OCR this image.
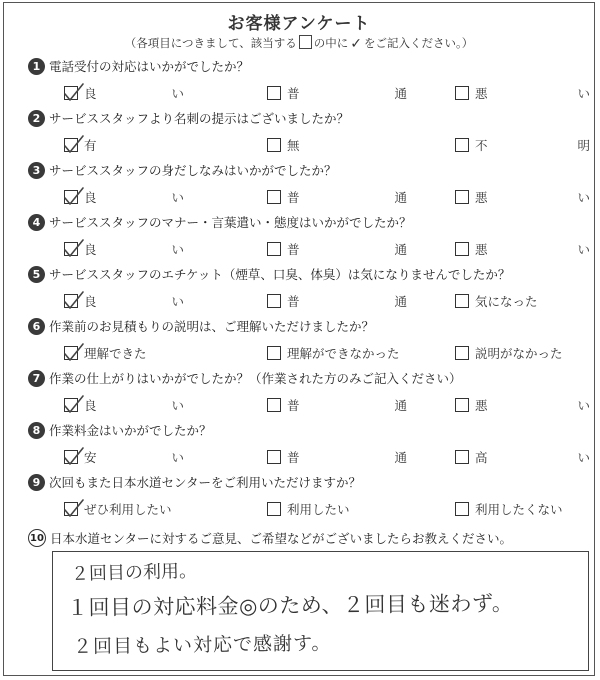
お客様アンケート
（各項目につきまして、該当する の中に ✓ をご記入ください。）
1 電話受付の対応はいかがでしたか？
良	い	普	通	悪	い
2 サービススタッフより名刺の提示はございましたか？
有	無	不	明
3 サービススタッフの身だしなみはいかがでしたか？
良	い	普	通	悪	い
4 サービススタッフのマナー・言葉遣い・態度はいかがでしたか？
良	い	普	通	悪	い
5 サービススタッフのエチケット（煙草、口臭、体臭）は気になりませんでしたか？
良	い	普	通	気になった
6 作業前のお見積もりの説明は、ご理解いただけましたか？
理解できた	理解ができなかった	説明がなかった
7 作業の仕上がりはいかがでしたか？（作業された方のみご記入ください）
良	い	普	通	悪	い
8 作業料金はいかがでしたか？
安	い	普	通	高	い
9 次回もまた日本水道センターをご利用いただけますか？
ぜひ利用したい	利用したい	利用したくない
10 日本水道センターに対するご意見、ご希望などがございましたらお教えください。
２回目の利用。
１回目の対応料金◎のため、２回目も迷わず。
２回目もよい対応で感謝す。
